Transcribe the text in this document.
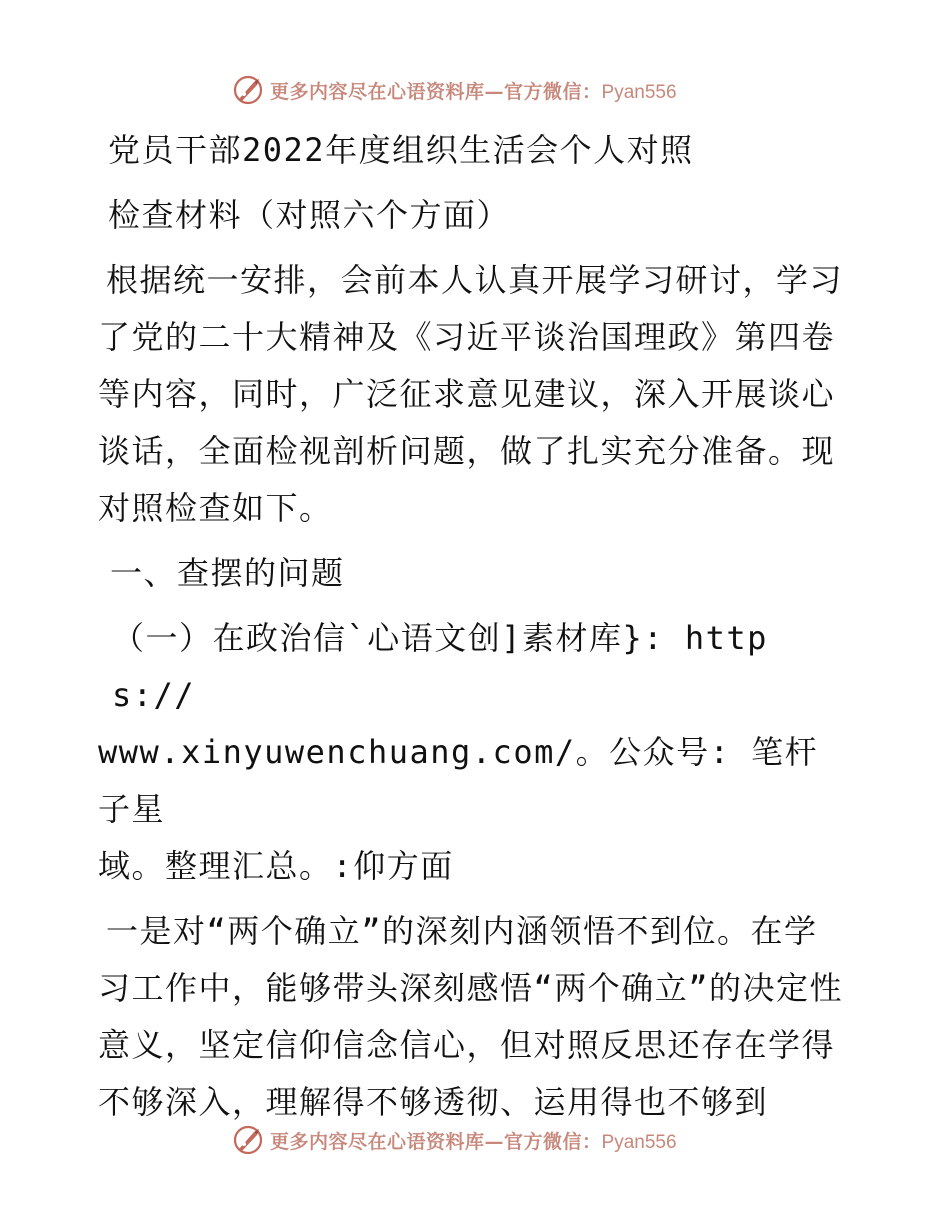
更多内容尽在心语资料库—官方微信：Pyan556

党员干部2022年度组织生活会个人对照

检查材料（对照六个方面）

根据统一安排，会前本人认真开展学习研讨，学习了党的二十大精神及《习近平谈治国理政》第四卷等内容，同时，广泛征求意见建议，深入开展谈心谈话，全面检视剖析问题，做了扎实充分准备。现对照检查如下。

一、查摆的问题

（一）在政治信`心语文创]素材库}: https://
www.xinyuwenchuang.com/。公众号: 笔杆子星
域。整理汇总。:仰方面

一是对“两个确立”的深刻内涵领悟不到位。在学习工作中，能够带头深刻感悟“两个确立”的决定性意义，坚定信仰信念信心，但对照反思还存在学得不够深入，理解得不够透彻、运用得也不够到

更多内容尽在心语资料库—官方微信：Pyan556
